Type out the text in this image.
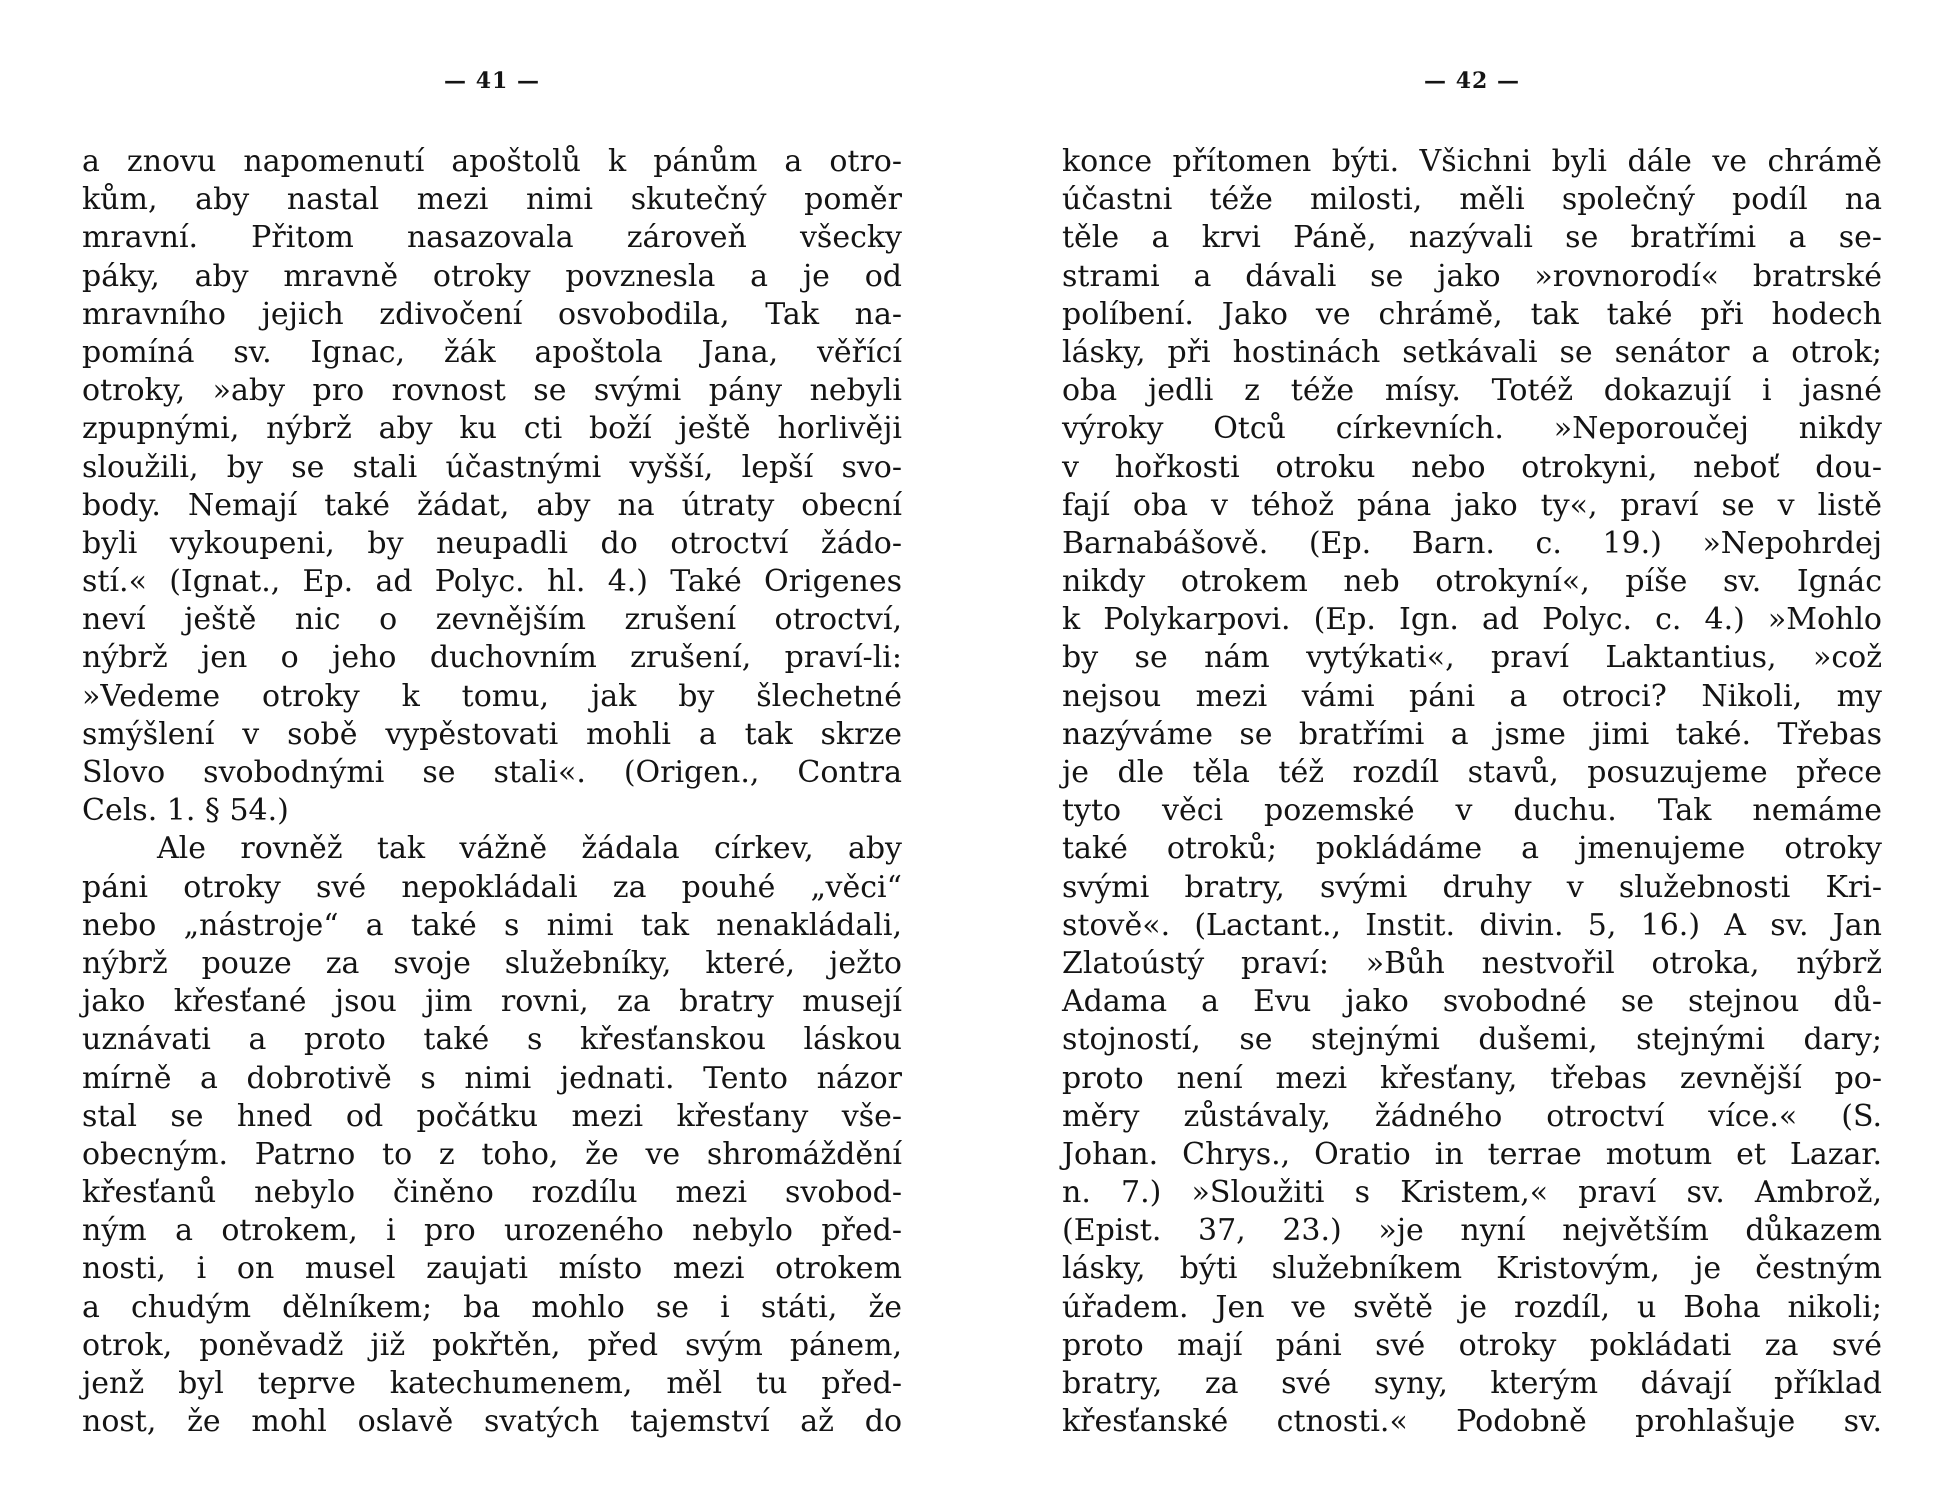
— 41 —
a znovu napomenutí apoštolů k pánům a otro-
kům, aby nastal mezi nimi skutečný poměr
mravní. Přitom nasazovala zároveň všecky
páky, aby mravně otroky povznesla a je od
mravního jejich zdivočení osvobodila, Tak na-
pomíná sv. Ignac, žák apoštola Jana, věřící
otroky, »aby pro rovnost se svými pány nebyli
zpupnými, nýbrž aby ku cti boží ještě horlivěji
sloužili, by se stali účastnými vyšší, lepší svo-
body. Nemají také žádat, aby na útraty obecní
byli vykoupeni, by neupadli do otroctví žádo-
stí.« (Ignat., Ep. ad Polyc. hl. 4.) Také Origenes
neví ještě nic o zevnějším zrušení otroctví,
nýbrž jen o jeho duchovním zrušení, praví-li:
»Vedeme otroky k tomu, jak by šlechetné
smýšlení v sobě vypěstovati mohli a tak skrze
Slovo svobodnými se stali«. (Origen., Contra
Cels. 1. § 54.)
Ale rovněž tak vážně žádala církev, aby
páni otroky své nepokládali za pouhé „věci“
nebo „nástroje“ a také s nimi tak nenakládali,
nýbrž pouze za svoje služebníky, které, ježto
jako křesťané jsou jim rovni, za bratry musejí
uznávati a proto také s křesťanskou láskou
mírně a dobrotivě s nimi jednati. Tento názor
stal se hned od počátku mezi křesťany vše-
obecným. Patrno to z toho, že ve shromáždění
křesťanů nebylo činěno rozdílu mezi svobod-
ným a otrokem, i pro urozeného nebylo před-
nosti, i on musel zaujati místo mezi otrokem
a chudým dělníkem; ba mohlo se i státi, že
otrok, poněvadž již pokřtěn, před svým pánem,
jenž byl teprve katechumenem, měl tu před-
nost, že mohl oslavě svatých tajemství až do
— 42 —
konce přítomen býti. Všichni byli dále ve chrámě
účastni téže milosti, měli společný podíl na
těle a krvi Páně, nazývali se bratřími a se-
strami a dávali se jako »rovnorodí« bratrské
políbení. Jako ve chrámě, tak také při hodech
lásky, při hostinách setkávali se senátor a otrok;
oba jedli z téže mísy. Totéž dokazují i jasné
výroky Otců církevních. »Neporoučej nikdy
v hořkosti otroku nebo otrokyni, neboť dou-
fají oba v téhož pána jako ty«, praví se v listě
Barnabášově. (Ep. Barn. c. 19.) »Nepohrdej
nikdy otrokem neb otrokyní«, píše sv. Ignác
k Polykarpovi. (Ep. Ign. ad Polyc. c. 4.) »Mohlo
by se nám vytýkati«, praví Laktantius, »což
nejsou mezi vámi páni a otroci? Nikoli, my
nazýváme se bratřími a jsme jimi také. Třebas
je dle těla též rozdíl stavů, posuzujeme přece
tyto věci pozemské v duchu. Tak nemáme
také otroků; pokládáme a jmenujeme otroky
svými bratry, svými druhy v služebnosti Kri-
stově«. (Lactant., Instit. divin. 5, 16.) A sv. Jan
Zlatoústý praví: »Bůh nestvořil otroka, nýbrž
Adama a Evu jako svobodné se stejnou dů-
stojností, se stejnými dušemi, stejnými dary;
proto není mezi křesťany, třebas zevnější po-
měry zůstávaly, žádného otroctví více.« (S.
Johan. Chrys., Oratio in terrae motum et Lazar.
n. 7.) »Sloužiti s Kristem,« praví sv. Ambrož,
(Epist. 37, 23.) »je nyní největším důkazem
lásky, býti služebníkem Kristovým, je čestným
úřadem. Jen ve světě je rozdíl, u Boha nikoli;
proto mají páni své otroky pokládati za své
bratry, za své syny, kterým dávají příklad
křesťanské ctnosti.« Podobně prohlašuje sv.
